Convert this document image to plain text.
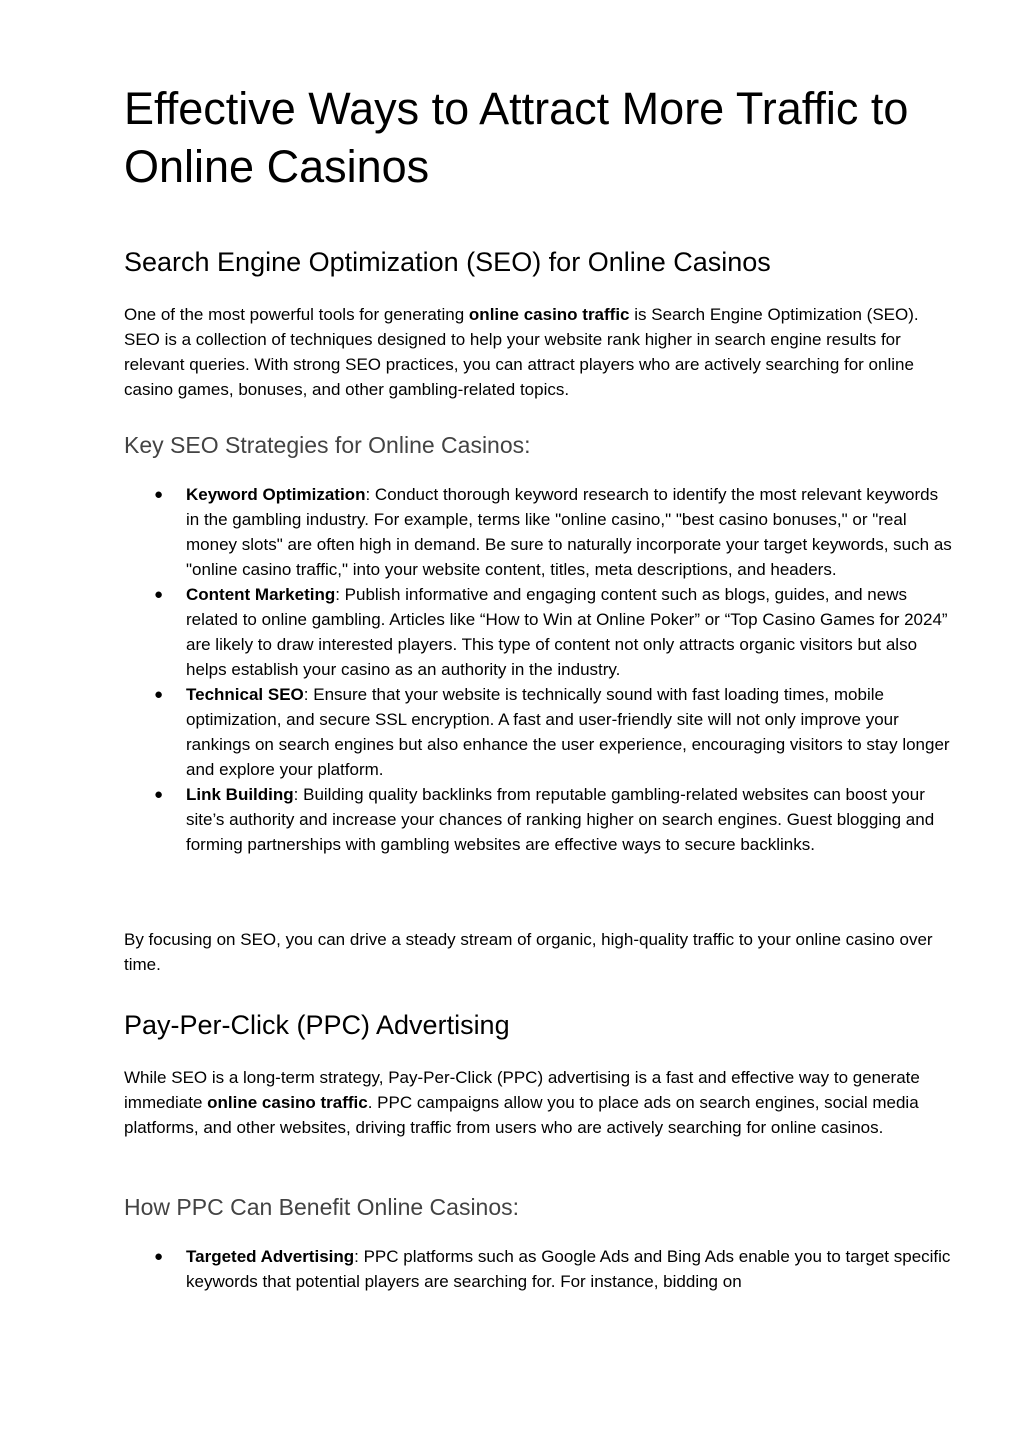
Effective Ways to Attract More Traffic to Online Casinos
Search Engine Optimization (SEO) for Online Casinos

One of the most powerful tools for generating online casino traffic is Search Engine Optimization (SEO). SEO is a collection of techniques designed to help your website rank higher in search engine results for relevant queries. With strong SEO practices, you can attract players who are actively searching for online casino games, bonuses, and other gambling-related topics.

Key SEO Strategies for Online Casinos:
● Keyword Optimization: Conduct thorough keyword research to identify the most relevant keywords in the gambling industry. For example, terms like "online casino," "best casino bonuses," or "real money slots" are often high in demand. Be sure to naturally incorporate your target keywords, such as "online casino traffic," into your website content, titles, meta descriptions, and headers.
● Content Marketing: Publish informative and engaging content such as blogs, guides, and news related to online gambling. Articles like “How to Win at Online Poker” or “Top Casino Games for 2024” are likely to draw interested players. This type of content not only attracts organic visitors but also helps establish your casino as an authority in the industry.
● Technical SEO: Ensure that your website is technically sound with fast loading times, mobile optimization, and secure SSL encryption. A fast and user-friendly site will not only improve your rankings on search engines but also enhance the user experience, encouraging visitors to stay longer and explore your platform.
● Link Building: Building quality backlinks from reputable gambling-related websites can boost your site’s authority and increase your chances of ranking higher on search engines. Guest blogging and forming partnerships with gambling websites are effective ways to secure backlinks.

By focusing on SEO, you can drive a steady stream of organic, high-quality traffic to your online casino over time.

Pay-Per-Click (PPC) Advertising

While SEO is a long-term strategy, Pay-Per-Click (PPC) advertising is a fast and effective way to generate immediate online casino traffic. PPC campaigns allow you to place ads on search engines, social media platforms, and other websites, driving traffic from users who are actively searching for online casinos.

How PPC Can Benefit Online Casinos:
● Targeted Advertising: PPC platforms such as Google Ads and Bing Ads enable you to target specific keywords that potential players are searching for. For instance, bidding on
